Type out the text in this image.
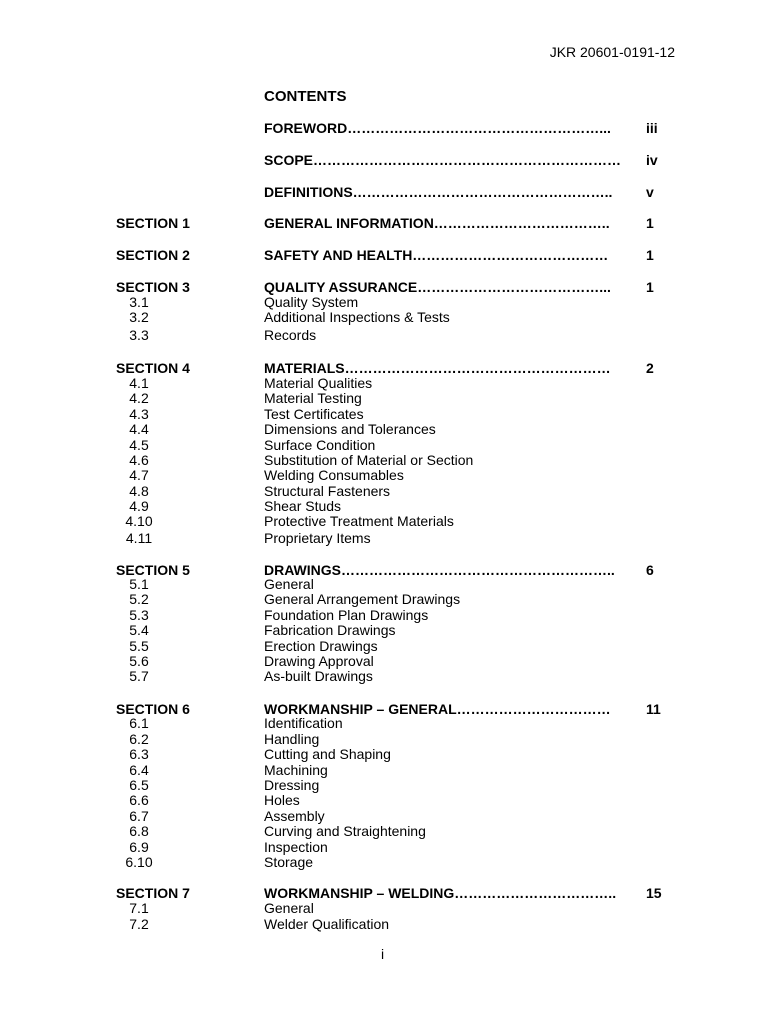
JKR 20601-0191-12
CONTENTS
FOREWORD………………………………………………...	iii
SCOPE………………………………………………………… iv
DEFINITIONS……………………………………………….. v
SECTION 1	GENERAL INFORMATION………………………………..	1
SECTION 2	SAFETY AND HEALTH……………………………………	1
SECTION 3	QUALITY ASSURANCE…………………………………...	1
3.1	Quality System
3.2	Additional Inspections & Tests
3.3	Records
SECTION 4	MATERIALS…………………………………………………	2
4.1	Material Qualities
4.2	Material Testing
4.3	Test Certificates
4.4	Dimensions and Tolerances
4.5	Surface Condition
4.6	Substitution of Material or Section
4.7	Welding Consumables
4.8	Structural Fasteners
4.9	Shear Studs
4.10	Protective Treatment Materials
4.11	Proprietary Items
SECTION 5	DRAWINGS………………………………………………….. 6
5.1	General
5.2	General Arrangement Drawings
5.3	Foundation Plan Drawings
5.4	Fabrication Drawings
5.5	Erection Drawings
5.6	Drawing Approval
5.7	As-built Drawings
SECTION 6	WORKMANSHIP – GENERAL……………………………	11
6.1	Identification
6.2	Handling
6.3	Cutting and Shaping
6.4	Machining
6.5	Dressing
6.6	Holes
6.7	Assembly
6.8	Curving and Straightening
6.9	Inspection
6.10	Storage
SECTION 7	WORKMANSHIP – WELDING…………………………….. 15
7.1	General
7.2	Welder Qualification
i
